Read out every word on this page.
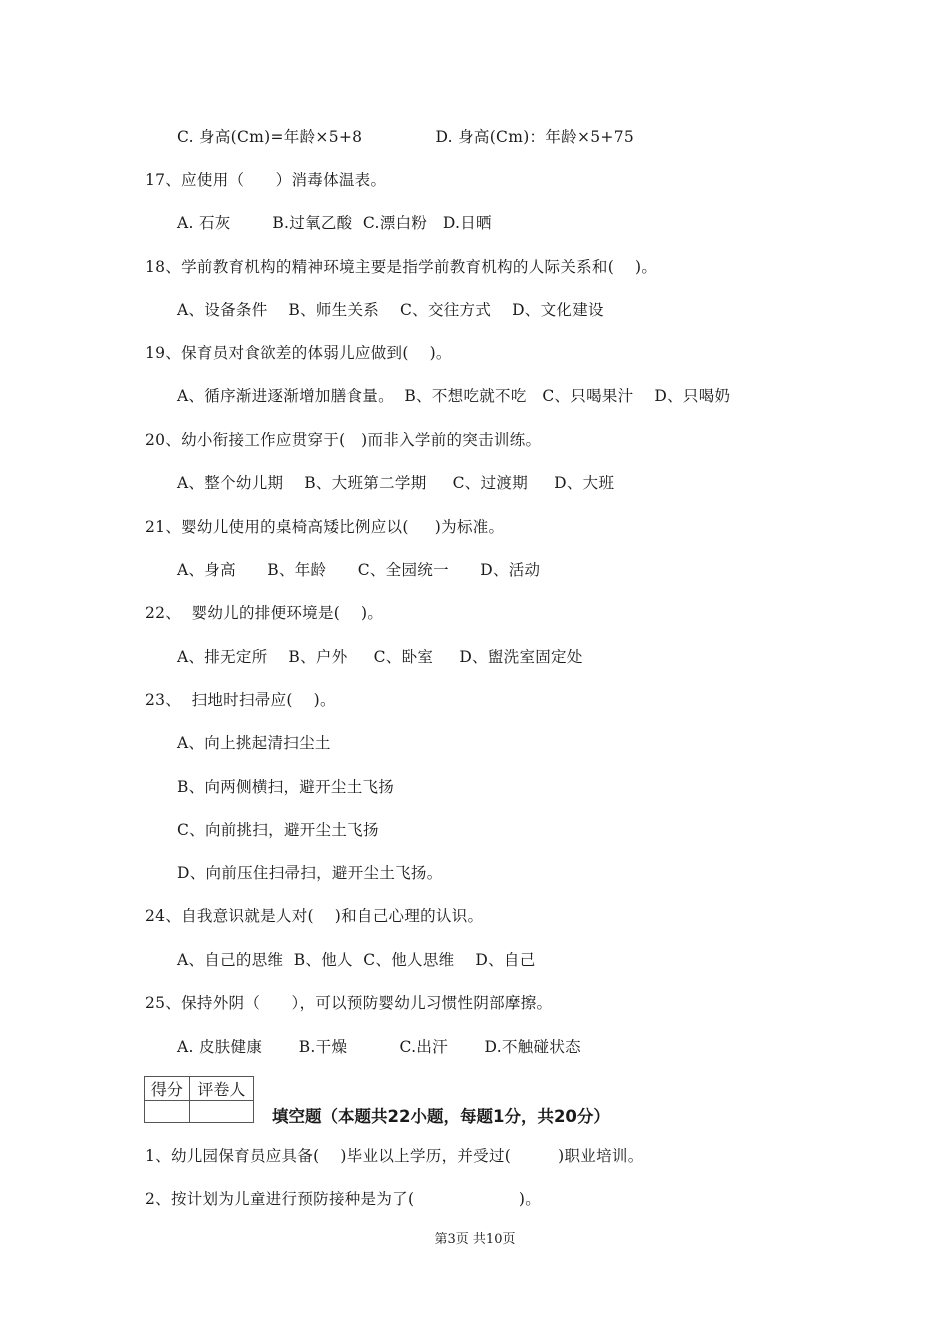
C. 身高(Cm)=年龄×5+8              D. 身高(Cm)：年龄×5+75
17、应使用（      ）消毒体温表。
A. 石灰        B.过氧乙酸  C.漂白粉   D.日晒
18、学前教育机构的精神环境主要是指学前教育机构的人际关系和(    )。
A、设备条件    B、师生关系    C、交往方式    D、文化建设
19、保育员对食欲差的体弱儿应做到(    )。
A、循序渐进逐渐增加膳食量。  B、不想吃就不吃   C、只喝果汁    D、只喝奶
20、幼小衔接工作应贯穿于(   )而非入学前的突击训练。
A、整个幼儿期    B、大班第二学期     C、过渡期     D、大班
21、婴幼儿使用的桌椅高矮比例应以(     )为标准。
A、身高      B、年龄      C、全园统一      D、活动
22、  婴幼儿的排便环境是(    )。
A、排无定所    B、户外     C、卧室     D、盥洗室固定处
23、  扫地时扫帚应(    )。
A、向上挑起清扫尘土
B、向两侧横扫，避开尘土飞扬
C、向前挑扫，避开尘土飞扬
D、向前压住扫帚扫，避开尘土飞扬。
24、自我意识就是人对(    )和自己心理的认识。
A、自己的思维  B、他人  C、他人思维    D、自己
25、保持外阴（      ），可以预防婴幼儿习惯性阴部摩擦。
A. 皮肤健康       B.干燥          C.出汗       D.不触碰状态
得分	评卷人

填空题（本题共22小题，每题1分，共20分）
1、幼儿园保育员应具备(    )毕业以上学历，并受过(         )职业培训。
2、按计划为儿童进行预防接种是为了(                    )。
第3页 共10页
